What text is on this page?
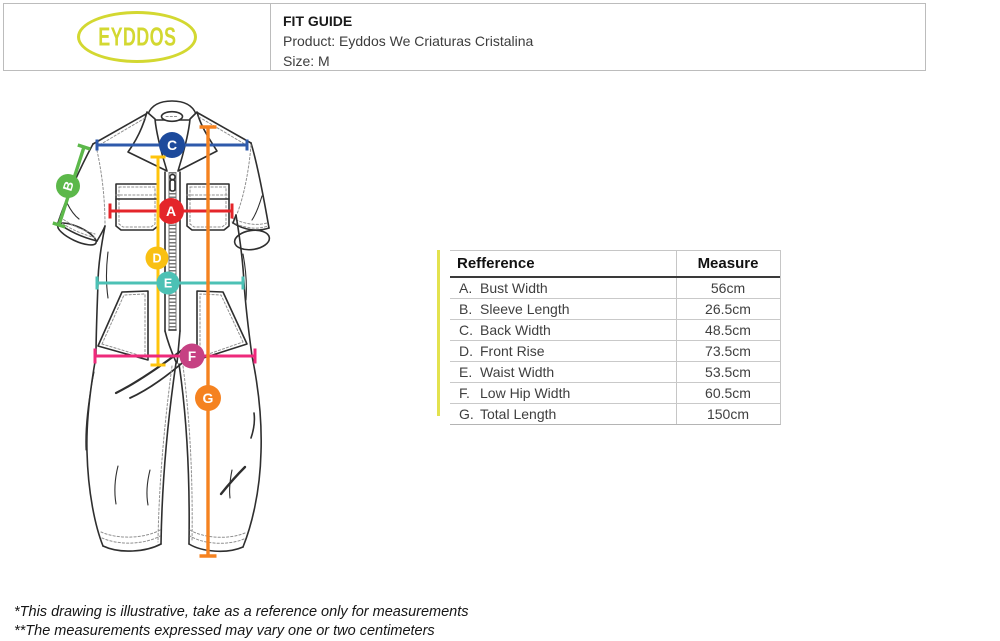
EYDDOS
FIT GUIDE
Product: Eyddos We Criaturas Cristalina
Size: M
A
B
C
D
E
F
G
Refference	Measure
A. Bust Width	56cm
B. Sleeve Length	26.5cm
C. Back Width	48.5cm
D. Front Rise	73.5cm
E. Waist Width	53.5cm
F. Low Hip Width	60.5cm
G. Total Length	150cm
*This drawing is illustrative, take as a reference only for measurements
**The measurements expressed may vary one or two centimeters
